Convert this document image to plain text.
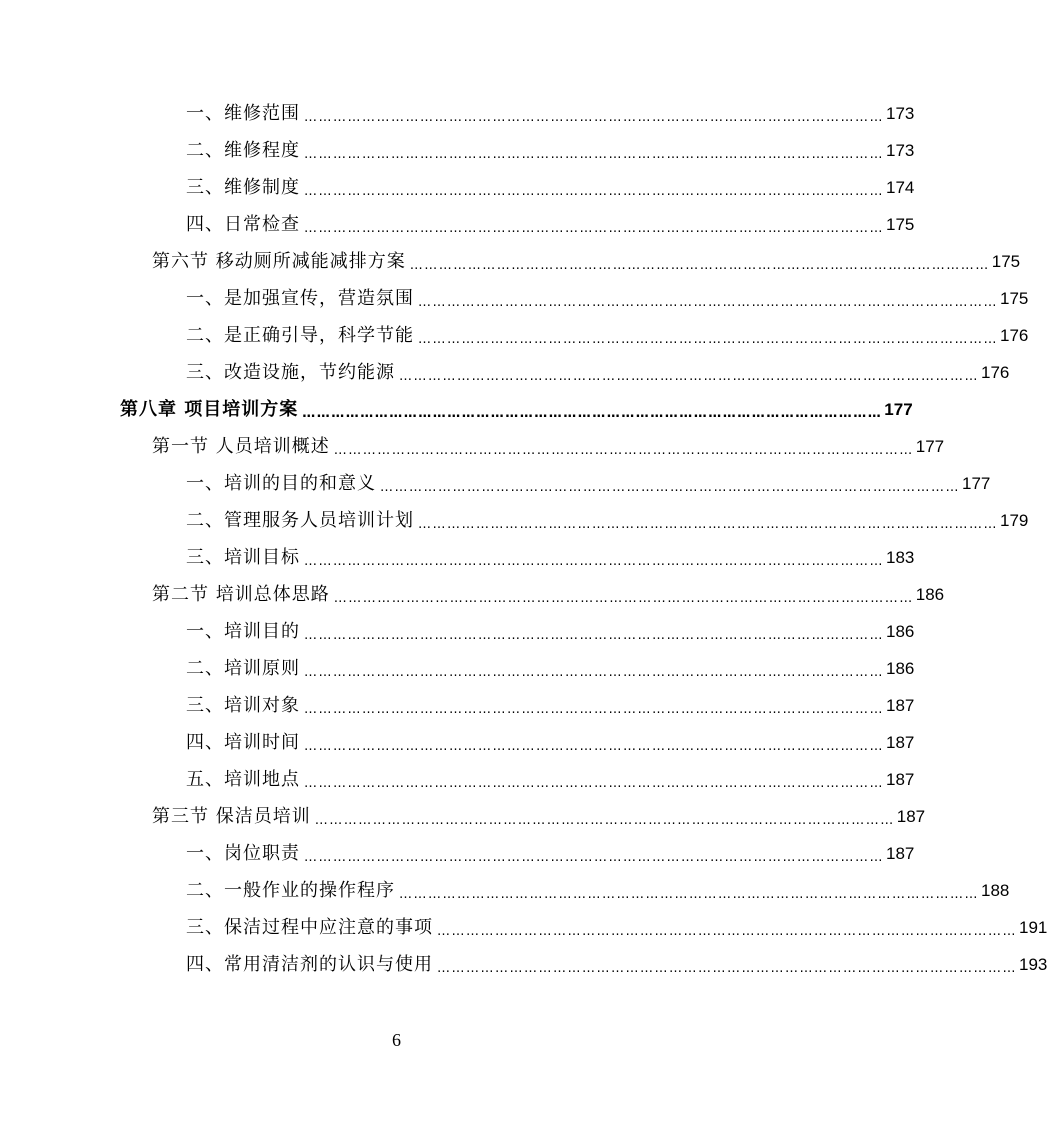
一、维修范围 ………………………………………………………………………………………………………… 173
二、维修程度 ………………………………………………………………………………………………………… 173
三、维修制度 ………………………………………………………………………………………………………… 174
四、日常检查 ………………………………………………………………………………………………………… 175
第六节 移动厕所减能减排方案 ………………………………………………………………………………………………………… 175
一、是加强宣传，营造氛围 ………………………………………………………………………………………………………… 175
二、是正确引导，科学节能 ………………………………………………………………………………………………………… 176
三、改造设施，节约能源 ………………………………………………………………………………………………………… 176
第八章 项目培训方案 ………………………………………………………………………………………………………… 177
第一节 人员培训概述 ………………………………………………………………………………………………………… 177
一、培训的目的和意义 ………………………………………………………………………………………………………… 177
二、管理服务人员培训计划 ………………………………………………………………………………………………………… 179
三、培训目标 ………………………………………………………………………………………………………… 183
第二节 培训总体思路 ………………………………………………………………………………………………………… 186
一、培训目的 ………………………………………………………………………………………………………… 186
二、培训原则 ………………………………………………………………………………………………………… 186
三、培训对象 ………………………………………………………………………………………………………… 187
四、培训时间 ………………………………………………………………………………………………………… 187
五、培训地点 ………………………………………………………………………………………………………… 187
第三节 保洁员培训 ………………………………………………………………………………………………………… 187
一、岗位职责 ………………………………………………………………………………………………………… 187
二、一般作业的操作程序 ………………………………………………………………………………………………………… 188
三、保洁过程中应注意的事项 ………………………………………………………………………………………………………… 191
四、常用清洁剂的认识与使用 ………………………………………………………………………………………………………… 193
6
